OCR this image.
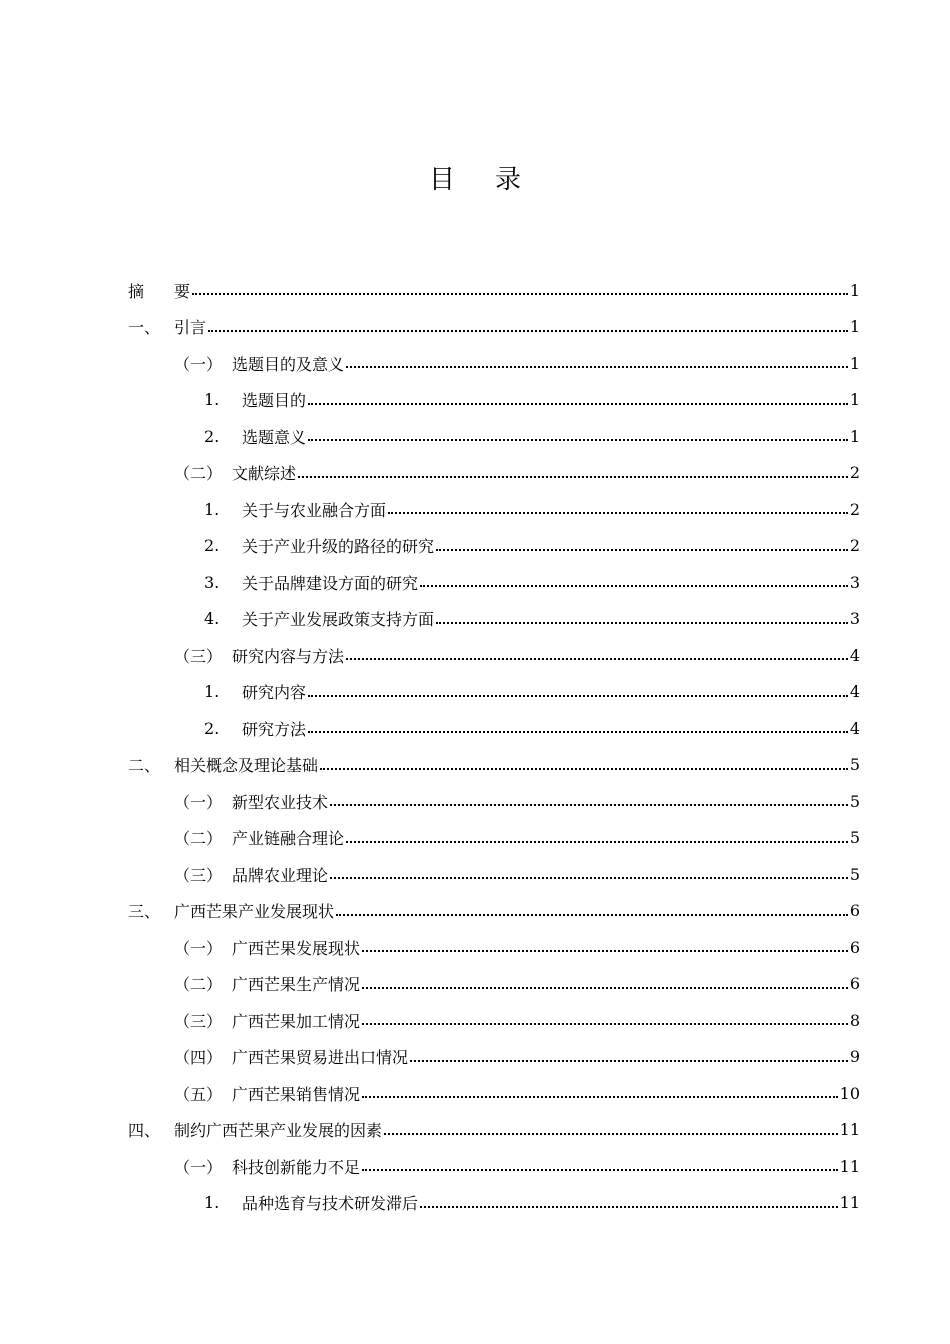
目录
摘	要	1
一、 引言	1
（一） 选题目的及意义	1
1.	选题目的	1
2.	选题意义	1
（二） 文献综述	2
1.	关于与农业融合方面	2
2.	关于产业升级的路径的研究	2
3.	关于品牌建设方面的研究	3
4.	关于产业发展政策支持方面	3
（三） 研究内容与方法	4
1.	研究内容	4
2.	研究方法	4
二、 相关概念及理论基础	5
（一） 新型农业技术	5
（二） 产业链融合理论	5
（三） 品牌农业理论	5
三、 广西芒果产业发展现状	6
（一） 广西芒果发展现状	6
（二） 广西芒果生产情况	6
（三） 广西芒果加工情况	8
（四） 广西芒果贸易进出口情况	9
（五） 广西芒果销售情况	10
四、 制约广西芒果产业发展的因素	11
（一） 科技创新能力不足	11
1.	品种选育与技术研发滞后	11
